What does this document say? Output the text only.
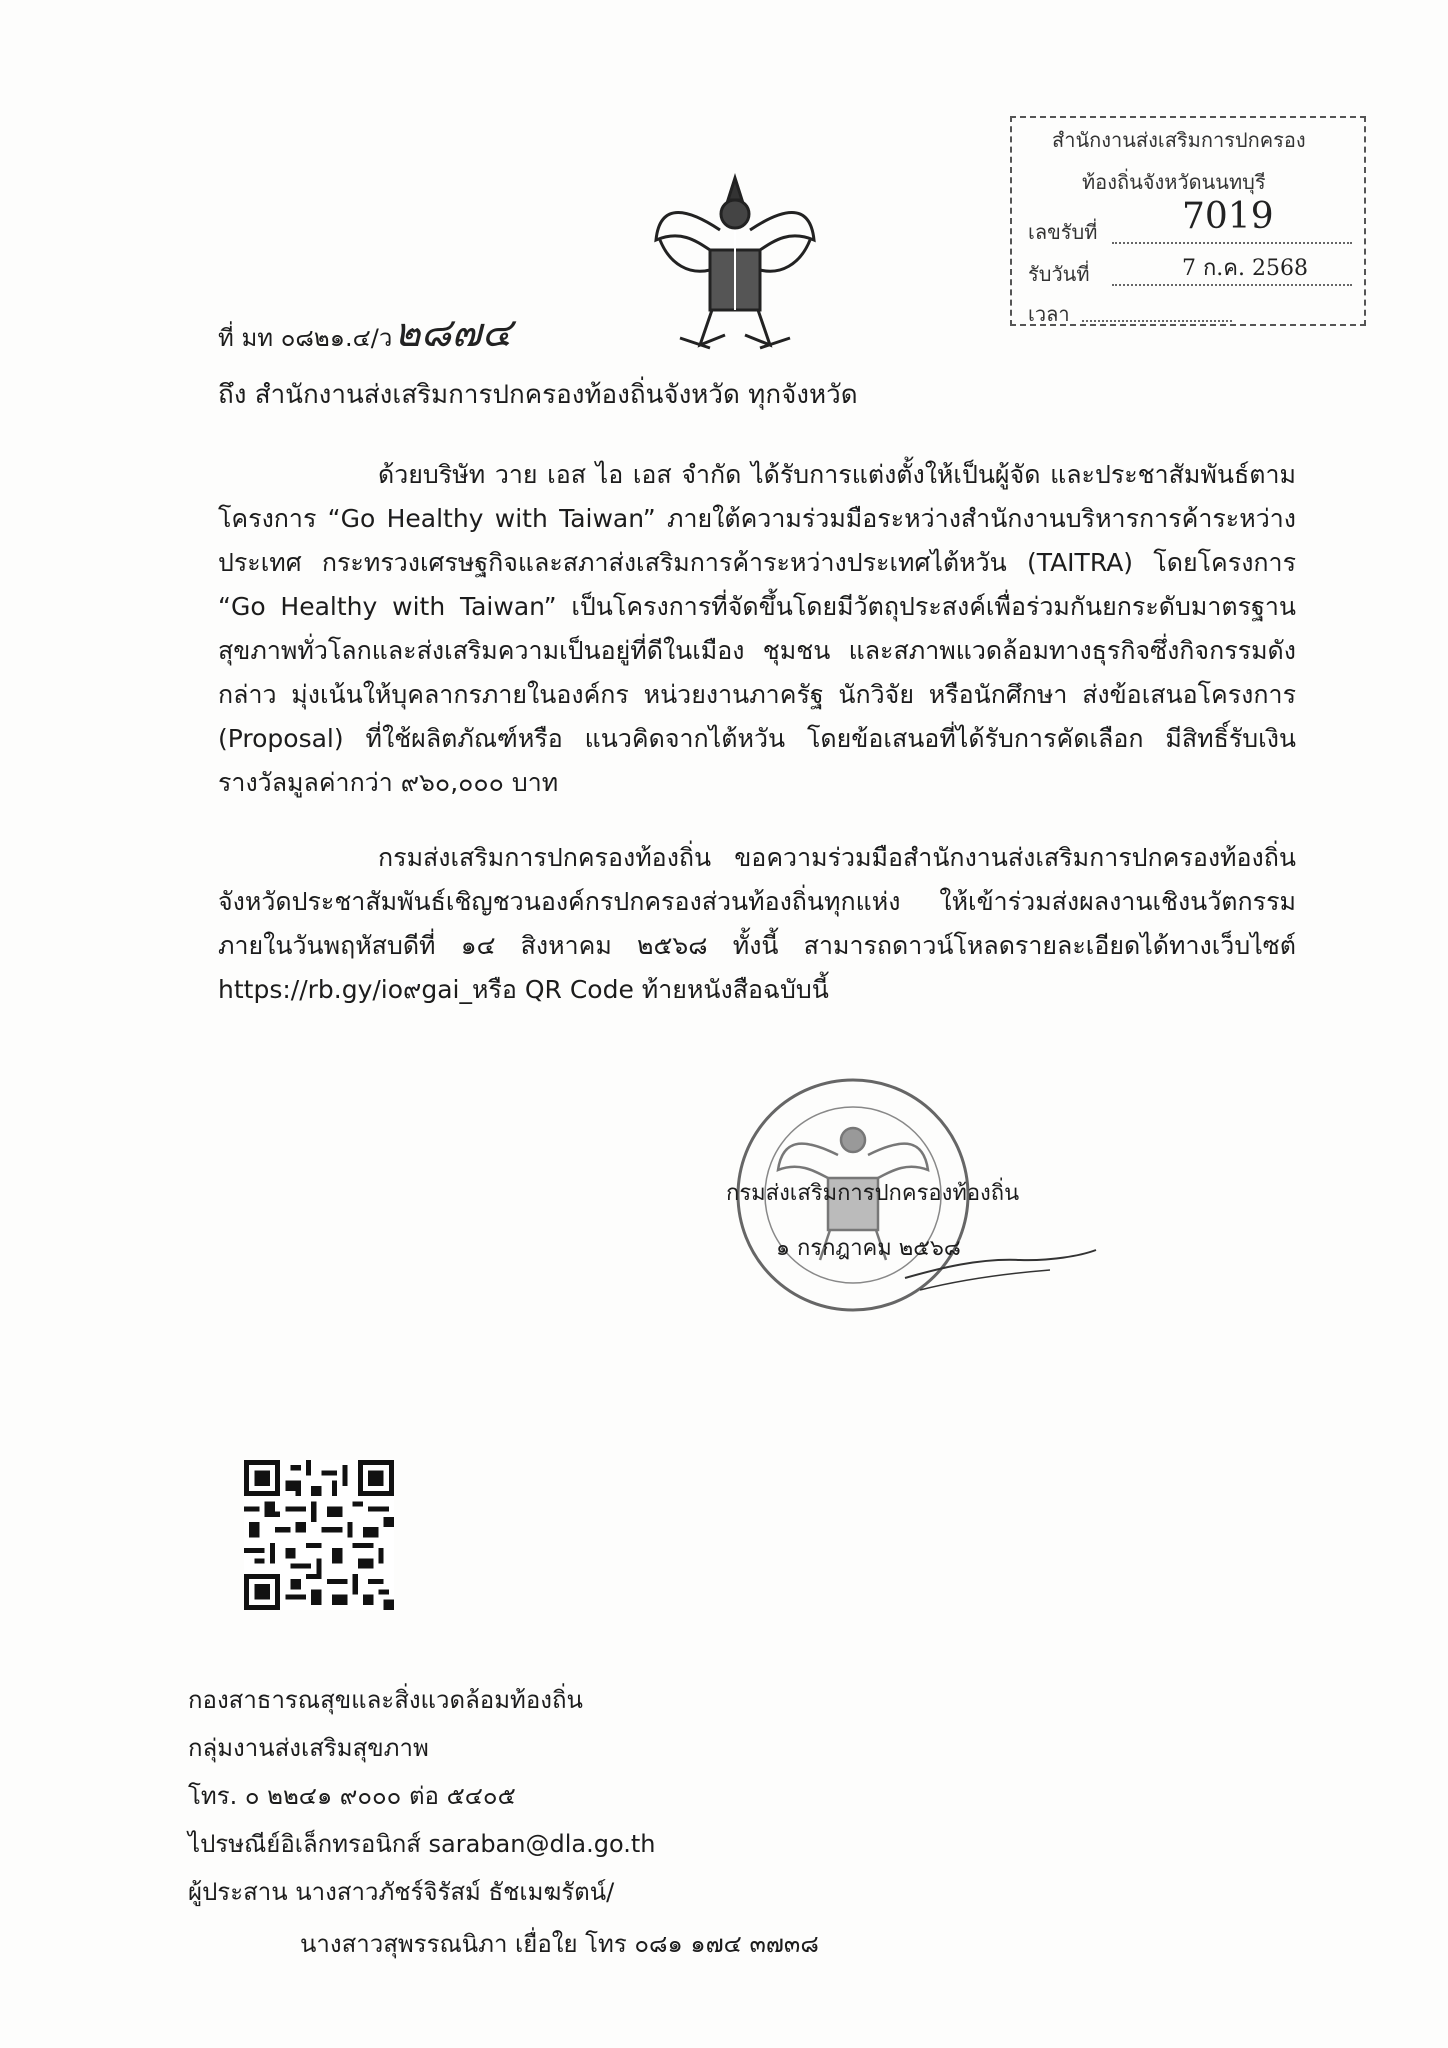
สำนักงานส่งเสริมการปกครอง
ท้องถิ่นจังหวัดนนทบุรี
เลขรับที่ 7019
รับวันที่	7 ก.ค. 2568
เวลา
ที่ มท ๐๘๒๑.๔/ว๒๘๗๔
ถึง สำนักงานส่งเสริมการปกครองท้องถิ่นจังหวัด ทุกจังหวัด
ด้วยบริษัท วาย เอส ไอ เอส จำกัด ได้รับการแต่งตั้งให้เป็นผู้จัด และประชาสัมพันธ์ตามโครงการ “Go Healthy with Taiwan” ภายใต้ความร่วมมือระหว่างสำนักงานบริหารการค้าระหว่างประเทศ กระทรวงเศรษฐกิจและสภาส่งเสริมการค้าระหว่างประเทศไต้หวัน (TAITRA) โดยโครงการ “Go Healthy with Taiwan” เป็นโครงการที่จัดขึ้นโดยมีวัตถุประสงค์เพื่อร่วมกันยกระดับมาตรฐานสุขภาพทั่วโลกและส่งเสริมความเป็นอยู่ที่ดีในเมือง ชุมชน และสภาพแวดล้อมทางธุรกิจซึ่งกิจกรรมดังกล่าว มุ่งเน้นให้บุคลากรภายในองค์กร หน่วยงานภาครัฐ นักวิจัย หรือนักศึกษา ส่งข้อเสนอโครงการ (Proposal) ที่ใช้ผลิตภัณฑ์หรือ แนวคิดจากไต้หวัน โดยข้อเสนอที่ได้รับการคัดเลือก มีสิทธิ์รับเงินรางวัลมูลค่ากว่า ๙๖๐,๐๐๐ บาท
กรมส่งเสริมการปกครองท้องถิ่น ขอความร่วมมือสำนักงานส่งเสริมการปกครองท้องถิ่นจังหวัดประชาสัมพันธ์เชิญชวนองค์กรปกครองส่วนท้องถิ่นทุกแห่ง ให้เข้าร่วมส่งผลงานเชิงนวัตกรรมภายในวันพฤหัสบดีที่ ๑๔ สิงหาคม ๒๕๖๘ ทั้งนี้ สามารถดาวน์โหลดรายละเอียดได้ทางเว็บไซต์ https://rb.gy/io๙gai_หรือ QR Code ท้ายหนังสือฉบับนี้
กรมส่งเสริมการปกครองท้องถิ่น
๑ กรกฎาคม ๒๕๖๘
กองสาธารณสุขและสิ่งแวดล้อมท้องถิ่น
กลุ่มงานส่งเสริมสุขภาพ
โทร. ๐ ๒๒๔๑ ๙๐๐๐ ต่อ ๕๔๐๕
ไปรษณีย์อิเล็กทรอนิกส์ saraban@dla.go.th
ผู้ประสาน นางสาวภัชร์จิรัสม์ ธัชเมฆรัตน์/
นางสาวสุพรรณนิภา เยื่อใย โทร ๐๘๑ ๑๗๔ ๓๗๓๘
